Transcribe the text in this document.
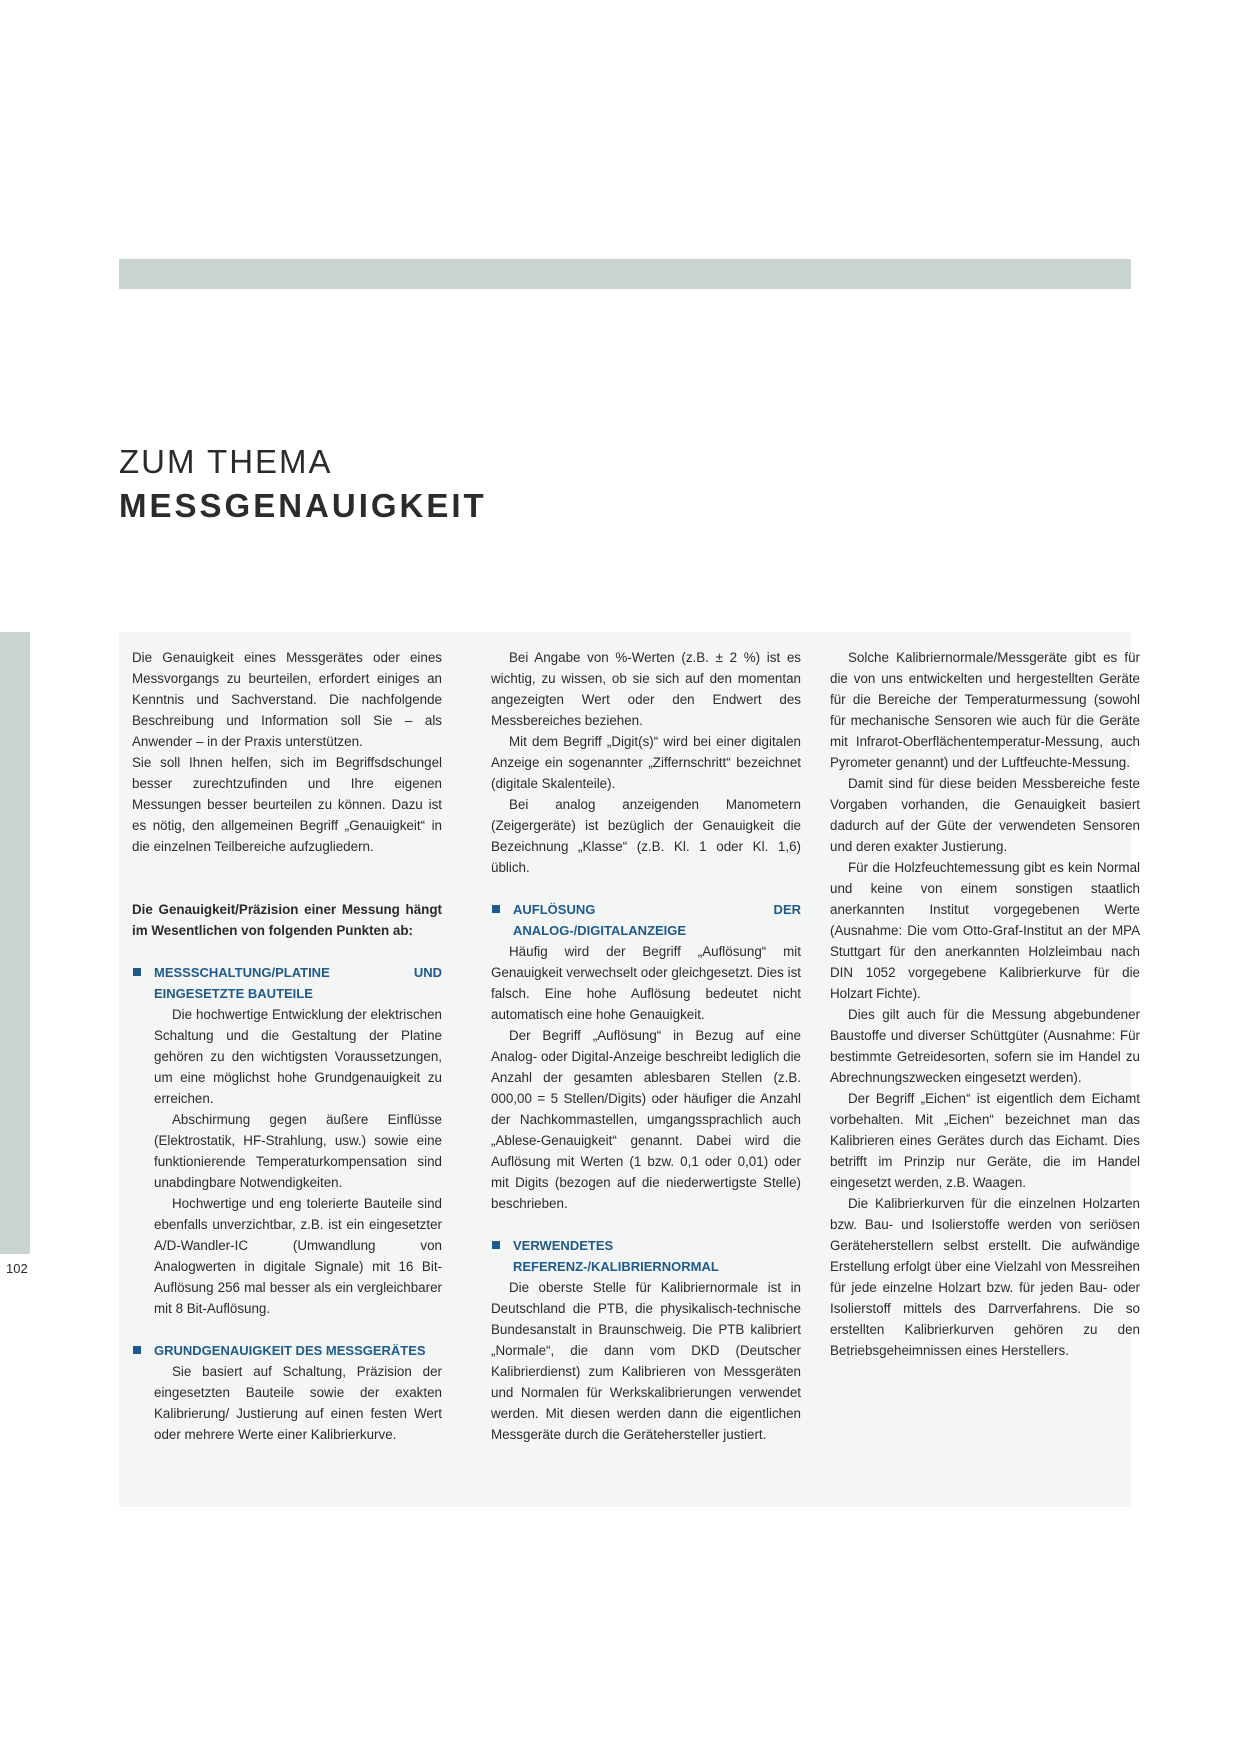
102
ZUM THEMA
MESSGENAUIGKEIT

Die Genauigkeit eines Messgerätes oder eines Messvorgangs zu beurteilen, erfordert einiges an Kenntnis und Sachverstand. Die nachfolgende Beschreibung und Information soll Sie – als Anwender – in der Praxis unterstützen.

Sie soll Ihnen helfen, sich im Begriffsdschungel besser zurechtzufinden und Ihre eigenen Messungen besser beurteilen zu können. Dazu ist es nötig, den allgemeinen Begriff „Genauigkeit“ in die einzelnen Teilbereiche aufzugliedern.

Die Genauigkeit/Präzision einer Messung hängt im Wesentlichen von folgenden Punkten ab:

MESSSCHALTUNG/PLATINE UND EINGESETZTE BAUTEILE

Die hochwertige Entwicklung der elektrischen Schaltung und die Gestaltung der Platine gehören zu den wichtigsten Voraussetzungen, um eine möglichst hohe Grundgenauigkeit zu erreichen.

Abschirmung gegen äußere Einflüsse (Elektrostatik, HF-Strahlung, usw.) sowie eine funktionierende Temperaturkompensation sind unabdingbare Notwendigkeiten.

Hochwertige und eng tolerierte Bauteile sind ebenfalls unverzichtbar, z.B. ist ein eingesetzter A/D-Wandler-IC (Umwandlung von Analogwerten in digitale Signale) mit 16 Bit-Auflösung 256 mal besser als ein vergleichbarer mit 8 Bit-Auflösung.

GRUNDGENAUIGKEIT DES MESSGERÄTES

Sie basiert auf Schaltung, Präzision der eingesetzten Bauteile sowie der exakten Kalibrierung/ Justierung auf einen festen Wert oder mehrere Werte einer Kalibrierkurve.

Bei Angabe von %-Werten (z.B. ± 2 %) ist es wichtig, zu wissen, ob sie sich auf den momentan angezeigten Wert oder den Endwert des Messbereiches beziehen.

Mit dem Begriff „Digit(s)“ wird bei einer digitalen Anzeige ein sogenannter „Ziffernschritt“ bezeichnet (digitale Skalenteile).

Bei analog anzeigenden Manometern (Zeigergeräte) ist bezüglich der Genauigkeit die Bezeichnung „Klasse“ (z.B. Kl. 1 oder Kl. 1,6) üblich.

AUFLÖSUNG DER ANALOG-/DIGITALANZEIGE

Häufig wird der Begriff „Auflösung“ mit Genauigkeit verwechselt oder gleichgesetzt. Dies ist falsch. Eine hohe Auflösung bedeutet nicht automatisch eine hohe Genauigkeit.

Der Begriff „Auflösung“ in Bezug auf eine Analog- oder Digital-Anzeige beschreibt lediglich die Anzahl der gesamten ablesbaren Stellen (z.B. 000,00 = 5 Stellen/Digits) oder häufiger die Anzahl der Nachkommastellen, umgangssprachlich auch „Ablese-Genauigkeit“ genannt. Dabei wird die Auflösung mit Werten (1 bzw. 0,1 oder 0,01) oder mit Digits (bezogen auf die niederwertigste Stelle) beschrieben.

VERWENDETES REFERENZ-/KALIBRIERNORMAL

Die oberste Stelle für Kalibriernormale ist in Deutschland die PTB, die physikalisch-technische Bundesanstalt in Braunschweig. Die PTB kalibriert „Normale“, die dann vom DKD (Deutscher Kalibrierdienst) zum Kalibrieren von Messgeräten und Normalen für Werkskalibrierungen verwendet werden. Mit diesen werden dann die eigentlichen Messgeräte durch die Gerätehersteller justiert.

Solche Kalibriernormale/Messgeräte gibt es für die von uns entwickelten und hergestellten Geräte für die Bereiche der Temperaturmessung (sowohl für mechanische Sensoren wie auch für die Geräte mit Infrarot-Oberflächentemperatur-Messung, auch Pyrometer genannt) und der Luftfeuchte-Messung.

Damit sind für diese beiden Messbereiche feste Vorgaben vorhanden, die Genauigkeit basiert dadurch auf der Güte der verwendeten Sensoren und deren exakter Justierung.

Für die Holzfeuchtemessung gibt es kein Normal und keine von einem sonstigen staatlich anerkannten Institut vorgegebenen Werte (Ausnahme: Die vom Otto-Graf-Institut an der MPA Stuttgart für den anerkannten Holzleimbau nach DIN 1052 vorgegebene Kalibrierkurve für die Holzart Fichte).

Dies gilt auch für die Messung abgebundener Baustoffe und diverser Schüttgüter (Ausnahme: Für bestimmte Getreidesorten, sofern sie im Handel zu Abrechnungszwecken eingesetzt werden).

Der Begriff „Eichen“ ist eigentlich dem Eichamt vorbehalten. Mit „Eichen“ bezeichnet man das Kalibrieren eines Gerätes durch das Eichamt. Dies betrifft im Prinzip nur Geräte, die im Handel eingesetzt werden, z.B. Waagen.

Die Kalibrierkurven für die einzelnen Holzarten bzw. Bau- und Isolierstoffe werden von seriösen Geräteherstellern selbst erstellt. Die aufwändige Erstellung erfolgt über eine Vielzahl von Messreihen für jede einzelne Holzart bzw. für jeden Bau- oder Isolierstoff mittels des Darrverfahrens. Die so erstellten Kalibrierkurven gehören zu den Betriebsgeheimnissen eines Herstellers.
